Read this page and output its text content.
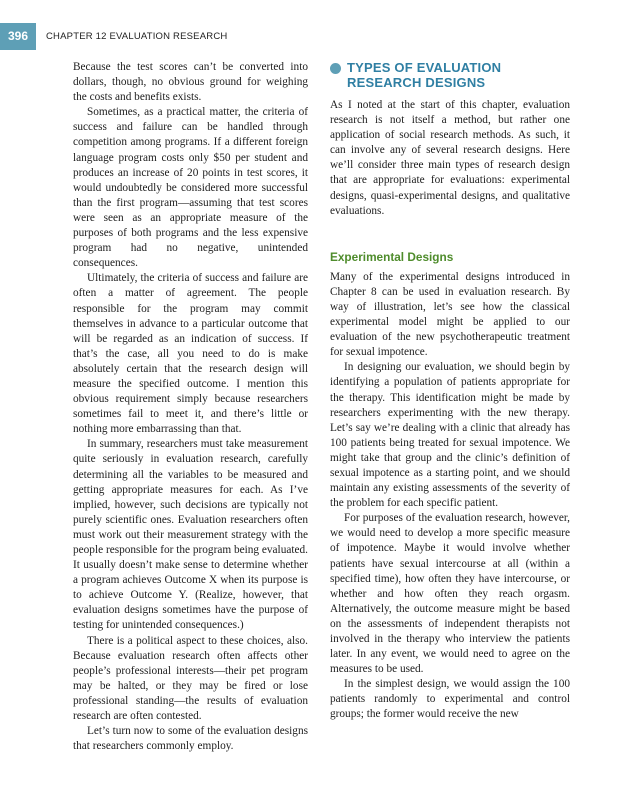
396	CHAPTER 12 EVALUATION RESEARCH

Because the test scores can’t be converted into dollars, though, no obvious ground for weighing the costs and benefits exists.

Sometimes, as a practical matter, the criteria of success and failure can be handled through competition among programs. If a different foreign language program costs only $50 per student and produces an increase of 20 points in test scores, it would undoubtedly be considered more successful than the first program—assuming that test scores were seen as an appropriate measure of the purposes of both programs and the less expensive program had no negative, unintended consequences.

Ultimately, the criteria of success and failure are often a matter of agreement. The people responsible for the program may commit themselves in advance to a particular outcome that will be regarded as an indication of success. If that’s the case, all you need to do is make absolutely certain that the research design will measure the specified outcome. I mention this obvious requirement simply because researchers sometimes fail to meet it, and there’s little or nothing more embarrassing than that.

In summary, researchers must take measurement quite seriously in evaluation research, carefully determining all the variables to be measured and getting appropriate measures for each. As I’ve implied, however, such decisions are typically not purely scientific ones. Evaluation researchers often must work out their measurement strategy with the people responsible for the program being evaluated. It usually doesn’t make sense to determine whether a program achieves Outcome X when its purpose is to achieve Outcome Y. (Realize, however, that evaluation designs sometimes have the purpose of testing for unintended consequences.)

There is a political aspect to these choices, also. Because evaluation research often affects other people’s professional interests—their pet program may be halted, or they may be fired or lose professional standing—the results of evaluation research are often contested.

Let’s turn now to some of the evaluation designs that researchers commonly employ.

TYPES OF EVALUATION RESEARCH DESIGNS

As I noted at the start of this chapter, evaluation research is not itself a method, but rather one application of social research methods. As such, it can involve any of several research designs. Here we’ll consider three main types of research design that are appropriate for evaluations: experimental designs, quasi-experimental designs, and qualitative evaluations.

Experimental Designs

Many of the experimental designs introduced in Chapter 8 can be used in evaluation research. By way of illustration, let’s see how the classical experimental model might be applied to our evaluation of the new psychotherapeutic treatment for sexual impotence.

In designing our evaluation, we should begin by identifying a population of patients appropriate for the therapy. This identification might be made by researchers experimenting with the new therapy. Let’s say we’re dealing with a clinic that already has 100 patients being treated for sexual impotence. We might take that group and the clinic’s definition of sexual impotence as a starting point, and we should maintain any existing assessments of the severity of the problem for each specific patient.

For purposes of the evaluation research, however, we would need to develop a more specific measure of impotence. Maybe it would involve whether patients have sexual intercourse at all (within a specified time), how often they have intercourse, or whether and how often they reach orgasm. Alternatively, the outcome measure might be based on the assessments of independent therapists not involved in the therapy who interview the patients later. In any event, we would need to agree on the measures to be used.

In the simplest design, we would assign the 100 patients randomly to experimental and control groups; the former would receive the new
